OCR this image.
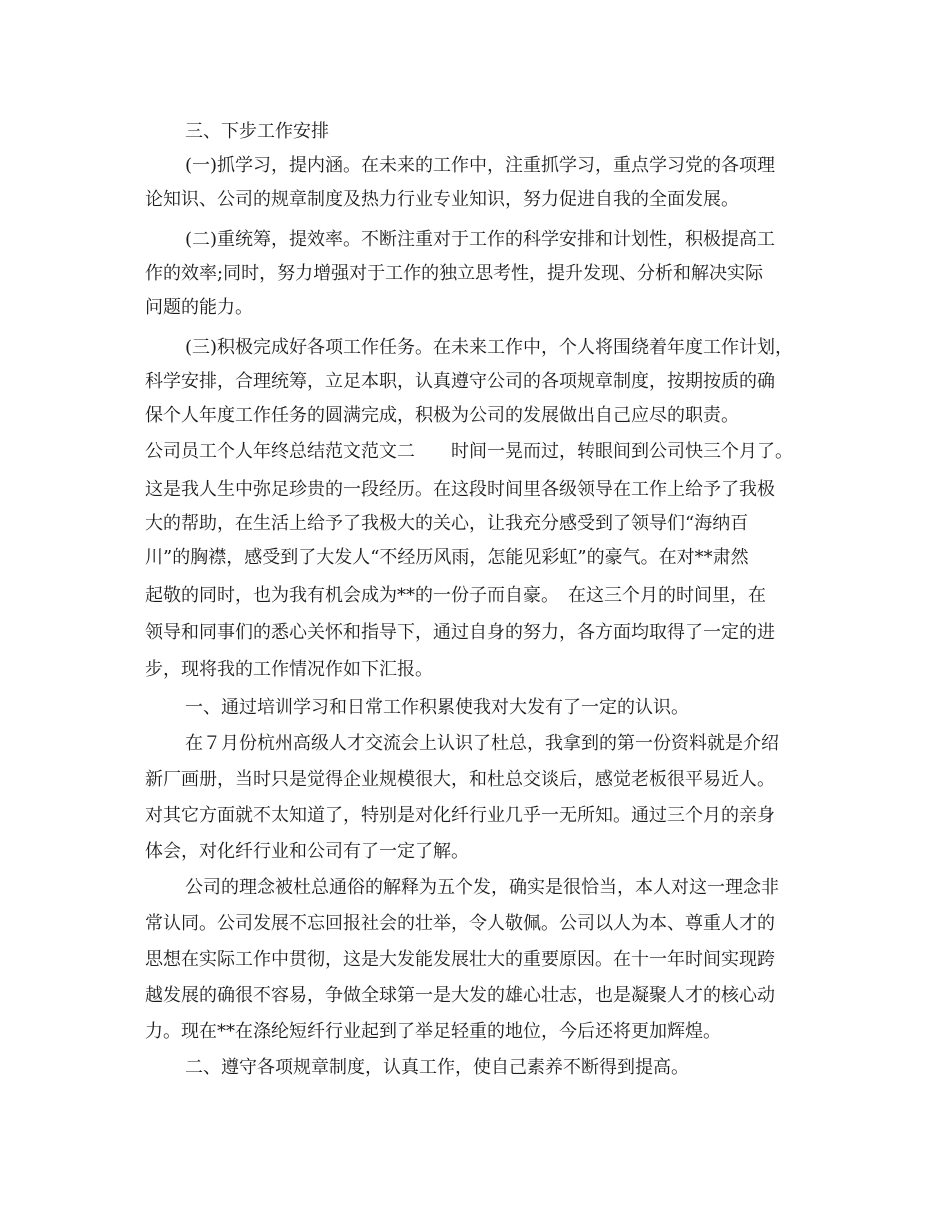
三、下步工作安排
(一)抓学习，提内涵。在未来的工作中，注重抓学习，重点学习党的各项理
论知识、公司的规章制度及热力行业专业知识，努力促进自我的全面发展。
(二)重统筹，提效率。不断注重对于工作的科学安排和计划性，积极提高工
作的效率;同时，努力增强对于工作的独立思考性，提升发现、分析和解决实际
问题的能力。
(三)积极完成好各项工作任务。在未来工作中，个人将围绕着年度工作计划，
科学安排，合理统筹，立足本职，认真遵守公司的各项规章制度，按期按质的确
保个人年度工作任务的圆满完成，积极为公司的发展做出自己应尽的职责。
公司员工个人年终总结范文范文二　　时间一晃而过，转眼间到公司快三个月了。
这是我人生中弥足珍贵的一段经历。在这段时间里各级领导在工作上给予了我极
大的帮助，在生活上给予了我极大的关心，让我充分感受到了领导们“海纳百
川”的胸襟，感受到了大发人“不经历风雨，怎能见彩虹”的豪气。在对**肃然
起敬的同时，也为我有机会成为**的一份子而自豪。　在这三个月的时间里，在
领导和同事们的悉心关怀和指导下，通过自身的努力，各方面均取得了一定的进
步，现将我的工作情况作如下汇报。
一、通过培训学习和日常工作积累使我对大发有了一定的认识。
在７月份杭州高级人才交流会上认识了杜总，我拿到的第一份资料就是介绍
新厂画册，当时只是觉得企业规模很大，和杜总交谈后，感觉老板很平易近人。
对其它方面就不太知道了，特别是对化纤行业几乎一无所知。通过三个月的亲身
体会，对化纤行业和公司有了一定了解。
公司的理念被杜总通俗的解释为五个发，确实是很恰当，本人对这一理念非
常认同。公司发展不忘回报社会的壮举，令人敬佩。公司以人为本、尊重人才的
思想在实际工作中贯彻，这是大发能发展壮大的重要原因。在十一年时间实现跨
越发展的确很不容易，争做全球第一是大发的雄心壮志，也是凝聚人才的核心动
力。现在**在涤纶短纤行业起到了举足轻重的地位，今后还将更加辉煌。
二、遵守各项规章制度，认真工作，使自己素养不断得到提高。
